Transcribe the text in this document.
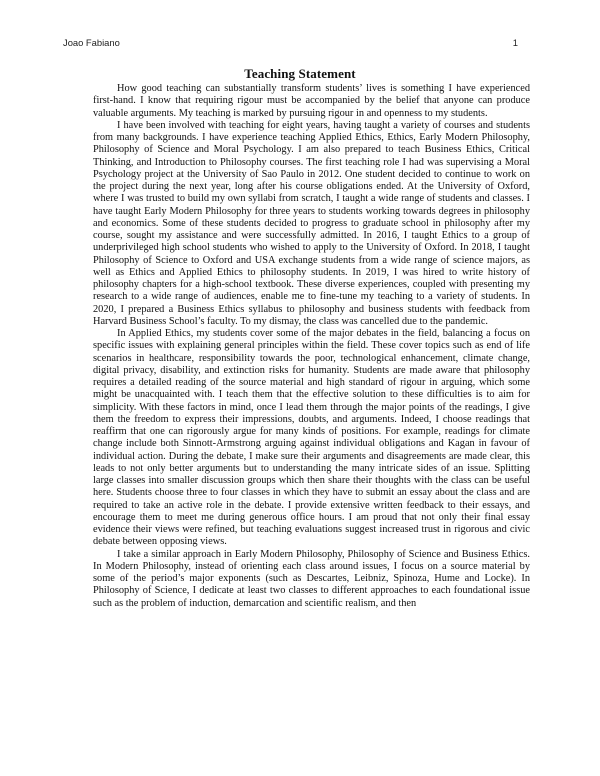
Joao Fabiano	1
Teaching Statement

How good teaching can substantially transform students’ lives is something I have experienced first-hand. I know that requiring rigour must be accompanied by the belief that anyone can produce valuable arguments. My teaching is marked by pursuing rigour in and openness to my students.

I have been involved with teaching for eight years, having taught a variety of courses and students from many backgrounds. I have experience teaching Applied Ethics, Ethics, Early Modern Philosophy, Philosophy of Science and Moral Psychology. I am also prepared to teach Business Ethics, Critical Thinking, and Introduction to Philosophy courses. The first teaching role I had was supervising a Moral Psychology project at the University of Sao Paulo in 2012. One student decided to continue to work on the project during the next year, long after his course obligations ended. At the University of Oxford, where I was trusted to build my own syllabi from scratch, I taught a wide range of students and classes. I have taught Early Modern Philosophy for three years to students working towards degrees in philosophy and economics. Some of these students decided to progress to graduate school in philosophy after my course, sought my assistance and were successfully admitted. In 2016, I taught Ethics to a group of underprivileged high school students who wished to apply to the University of Oxford. In 2018, I taught Philosophy of Science to Oxford and USA exchange students from a wide range of science majors, as well as Ethics and Applied Ethics to philosophy students. In 2019, I was hired to write history of philosophy chapters for a high-school textbook. These diverse experiences, coupled with presenting my research to a wide range of audiences, enable me to fine-tune my teaching to a variety of students. In 2020, I prepared a Business Ethics syllabus to philosophy and business students with feedback from Harvard Business School’s faculty. To my dismay, the class was cancelled due to the pandemic.

In Applied Ethics, my students cover some of the major debates in the field, balancing a focus on specific issues with explaining general principles within the field. These cover topics such as end of life scenarios in healthcare, responsibility towards the poor, technological enhancement, climate change, digital privacy, disability, and extinction risks for humanity. Students are made aware that philosophy requires a detailed reading of the source material and high standard of rigour in arguing, which some might be unacquainted with. I teach them that the effective solution to these difficulties is to aim for simplicity. With these factors in mind, once I lead them through the major points of the readings, I give them the freedom to express their impressions, doubts, and arguments. Indeed, I choose readings that reaffirm that one can rigorously argue for many kinds of positions. For example, readings for climate change include both Sinnott-Armstrong arguing against individual obligations and Kagan in favour of individual action. During the debate, I make sure their arguments and disagreements are made clear, this leads to not only better arguments but to understanding the many intricate sides of an issue. Splitting large classes into smaller discussion groups which then share their thoughts with the class can be useful here. Students choose three to four classes in which they have to submit an essay about the class and are required to take an active role in the debate. I provide extensive written feedback to their essays, and encourage them to meet me during generous office hours. I am proud that not only their final essay evidence their views were refined, but teaching evaluations suggest increased trust in rigorous and civic debate between opposing views.

I take a similar approach in Early Modern Philosophy, Philosophy of Science and Business Ethics. In Modern Philosophy, instead of orienting each class around issues, I focus on a source material by some of the period’s major exponents (such as Descartes, Leibniz, Spinoza, Hume and Locke). In Philosophy of Science, I dedicate at least two classes to different approaches to each foundational issue such as the problem of induction, demarcation and scientific realism, and then
